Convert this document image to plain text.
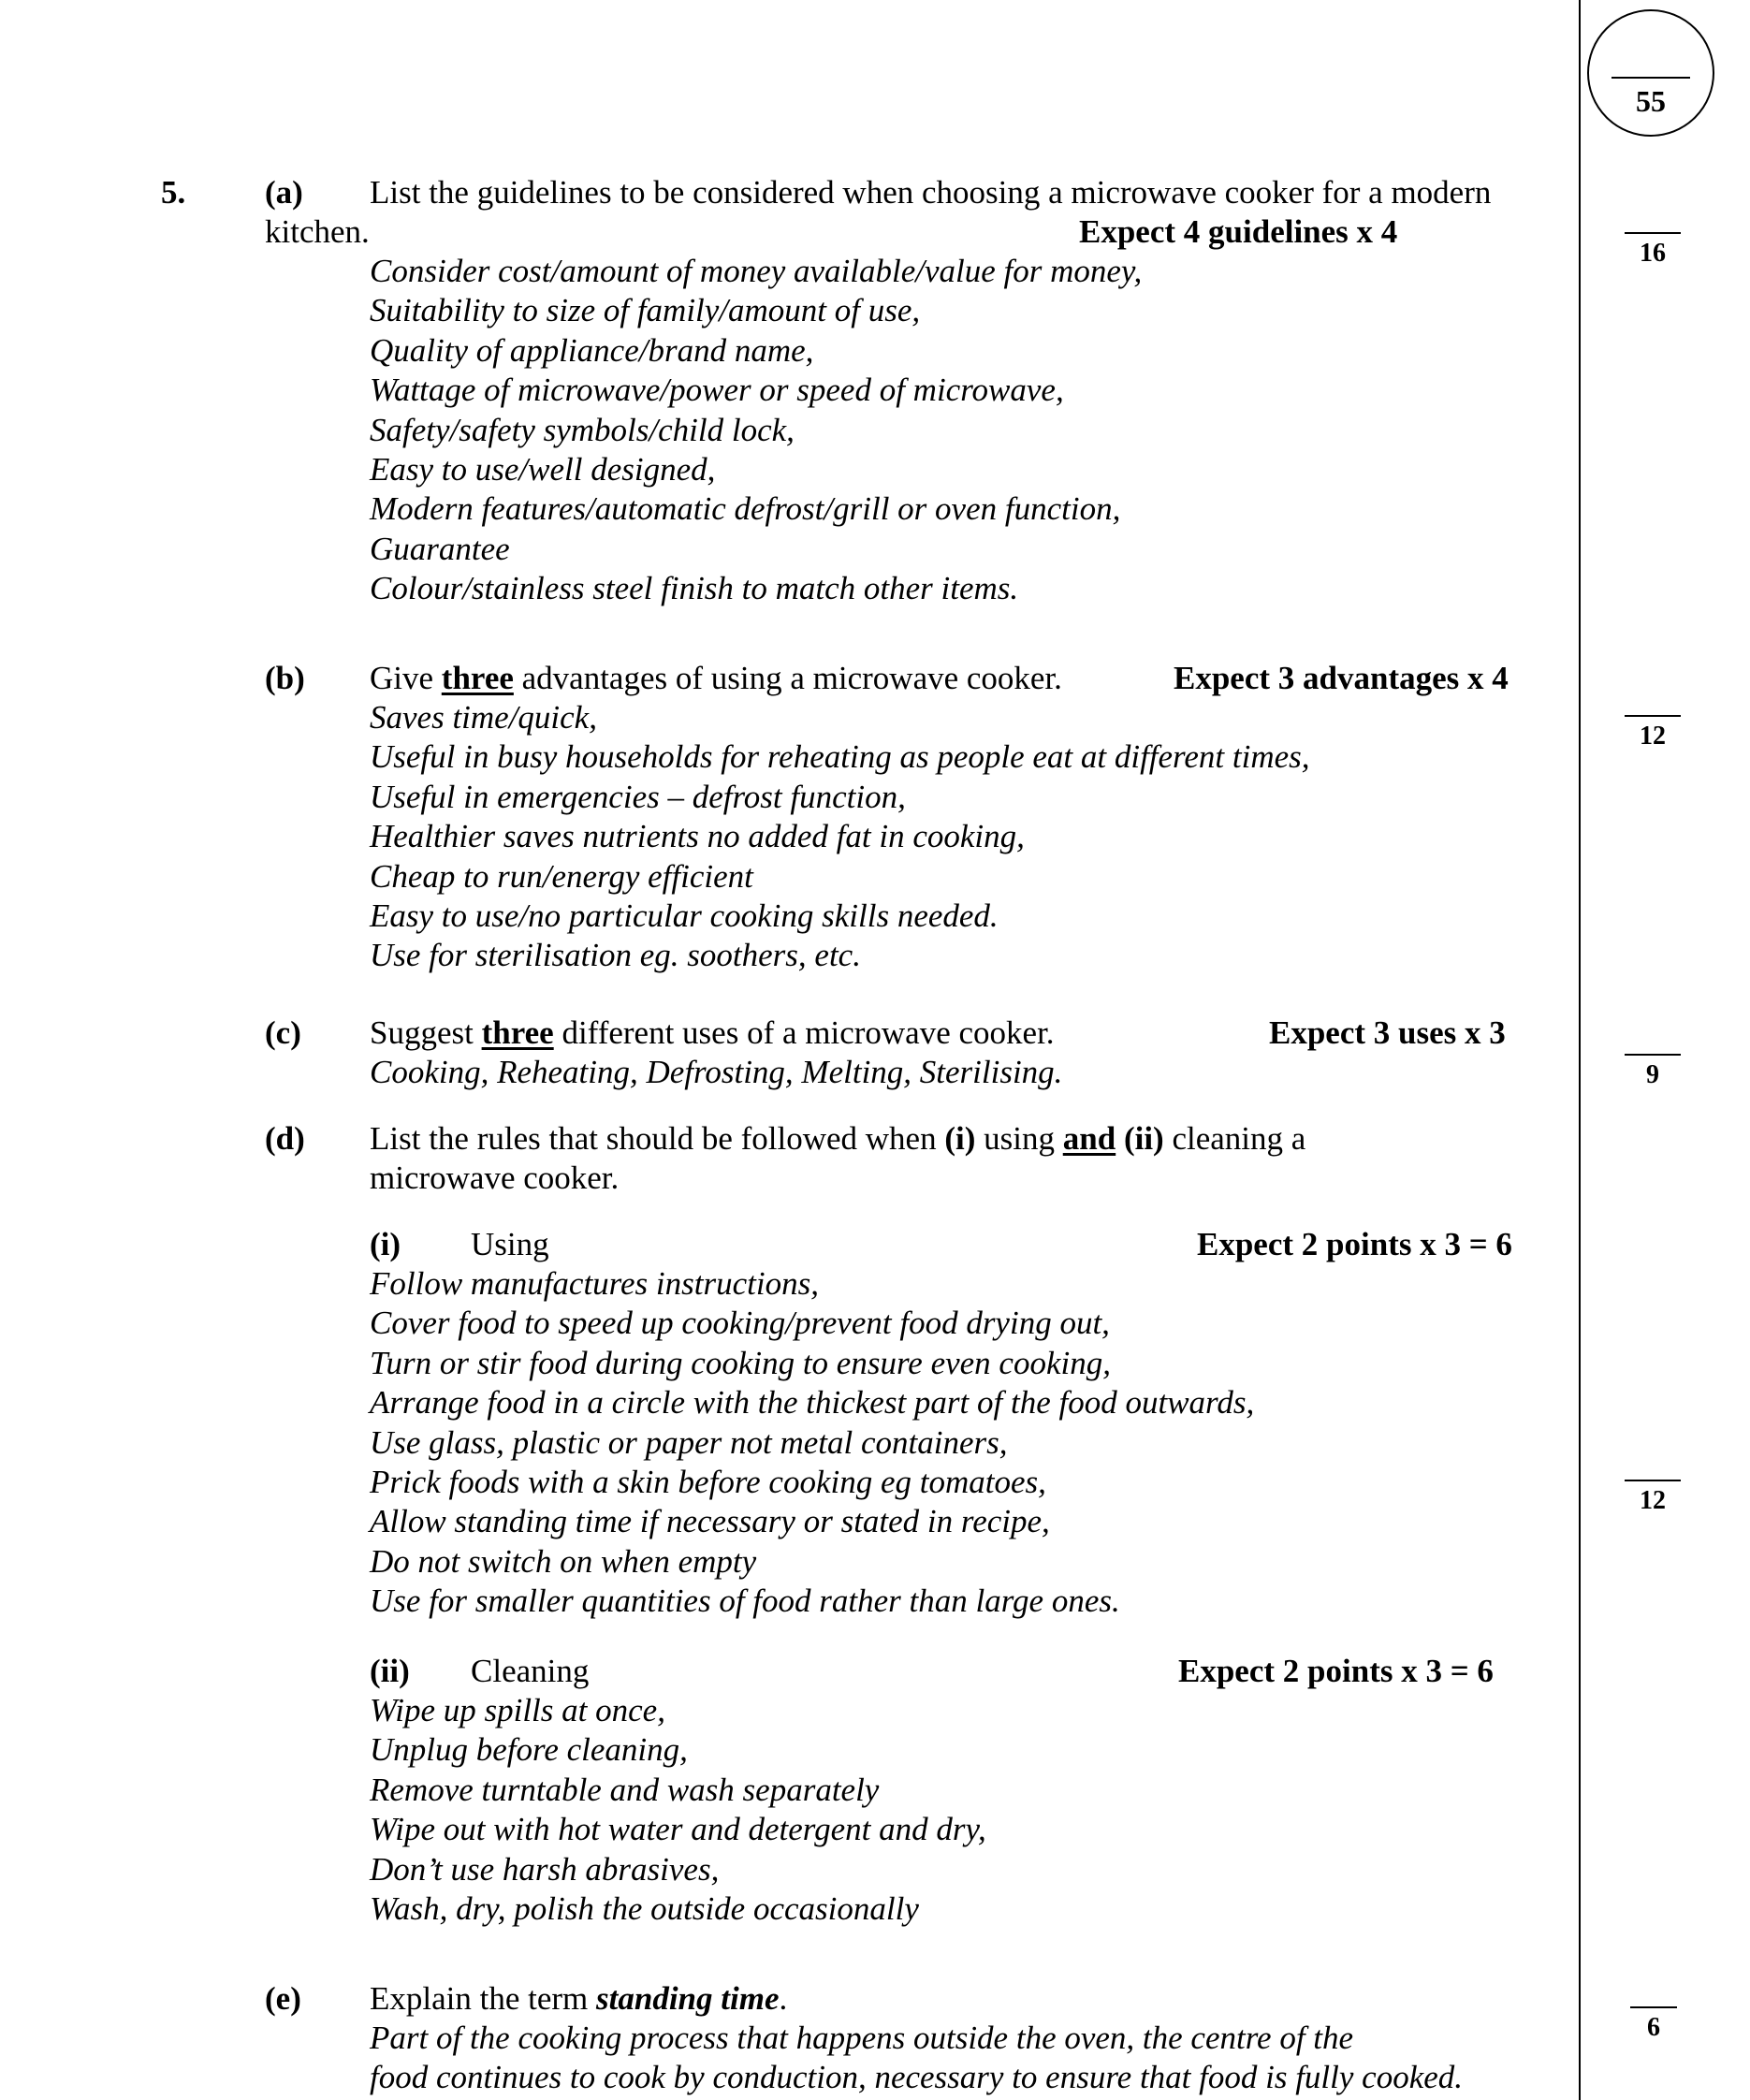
55
5. (a) List the guidelines to be considered when choosing a microwave cooker for a modern
kitchen.	Expect 4 guidelines x 4
Consider cost/amount of money available/value for money,
Suitability to size of family/amount of use,
Quality of appliance/brand name,
Wattage of microwave/power or speed of microwave,
Safety/safety symbols/child lock,
Easy to use/well designed,
Modern features/automatic defrost/grill or oven function,
Guarantee
Colour/stainless steel finish to match other items.
16
(b) Give three advantages of using a microwave cooker.	Expect 3 advantages x 4
Saves time/quick,
Useful in busy households for reheating as people eat at different times,
Useful in emergencies – defrost function,
Healthier saves nutrients no added fat in cooking,
Cheap to run/energy efficient
Easy to use/no particular cooking skills needed.
Use for sterilisation eg. soothers, etc.
12
(c) Suggest three different uses of a microwave cooker.	Expect 3 uses x 3
Cooking, Reheating, Defrosting, Melting, Sterilising.	9
(d) List the rules that should be followed when (i) using and (ii) cleaning a
microwave cooker.
(i) Using	Expect 2 points x 3 = 6
Follow manufactures instructions,
Cover food to speed up cooking/prevent food drying out,
Turn or stir food during cooking to ensure even cooking,
Arrange food in a circle with the thickest part of the food outwards,
Use glass, plastic or paper not metal containers,
Prick foods with a skin before cooking eg tomatoes,
Allow standing time if necessary or stated in recipe,
Do not switch on when empty
Use for smaller quantities of food rather than large ones.
12
(ii) Cleaning	Expect 2 points x 3 = 6
Wipe up spills at once,
Unplug before cleaning,
Remove turntable and wash separately
Wipe out with hot water and detergent and dry,
Don’t use harsh abrasives,
Wash, dry, polish the outside occasionally
(e) Explain the term standing time.
Part of the cooking process that happens outside the oven, the centre of the
food continues to cook by conduction, necessary to ensure that food is fully cooked.
6
